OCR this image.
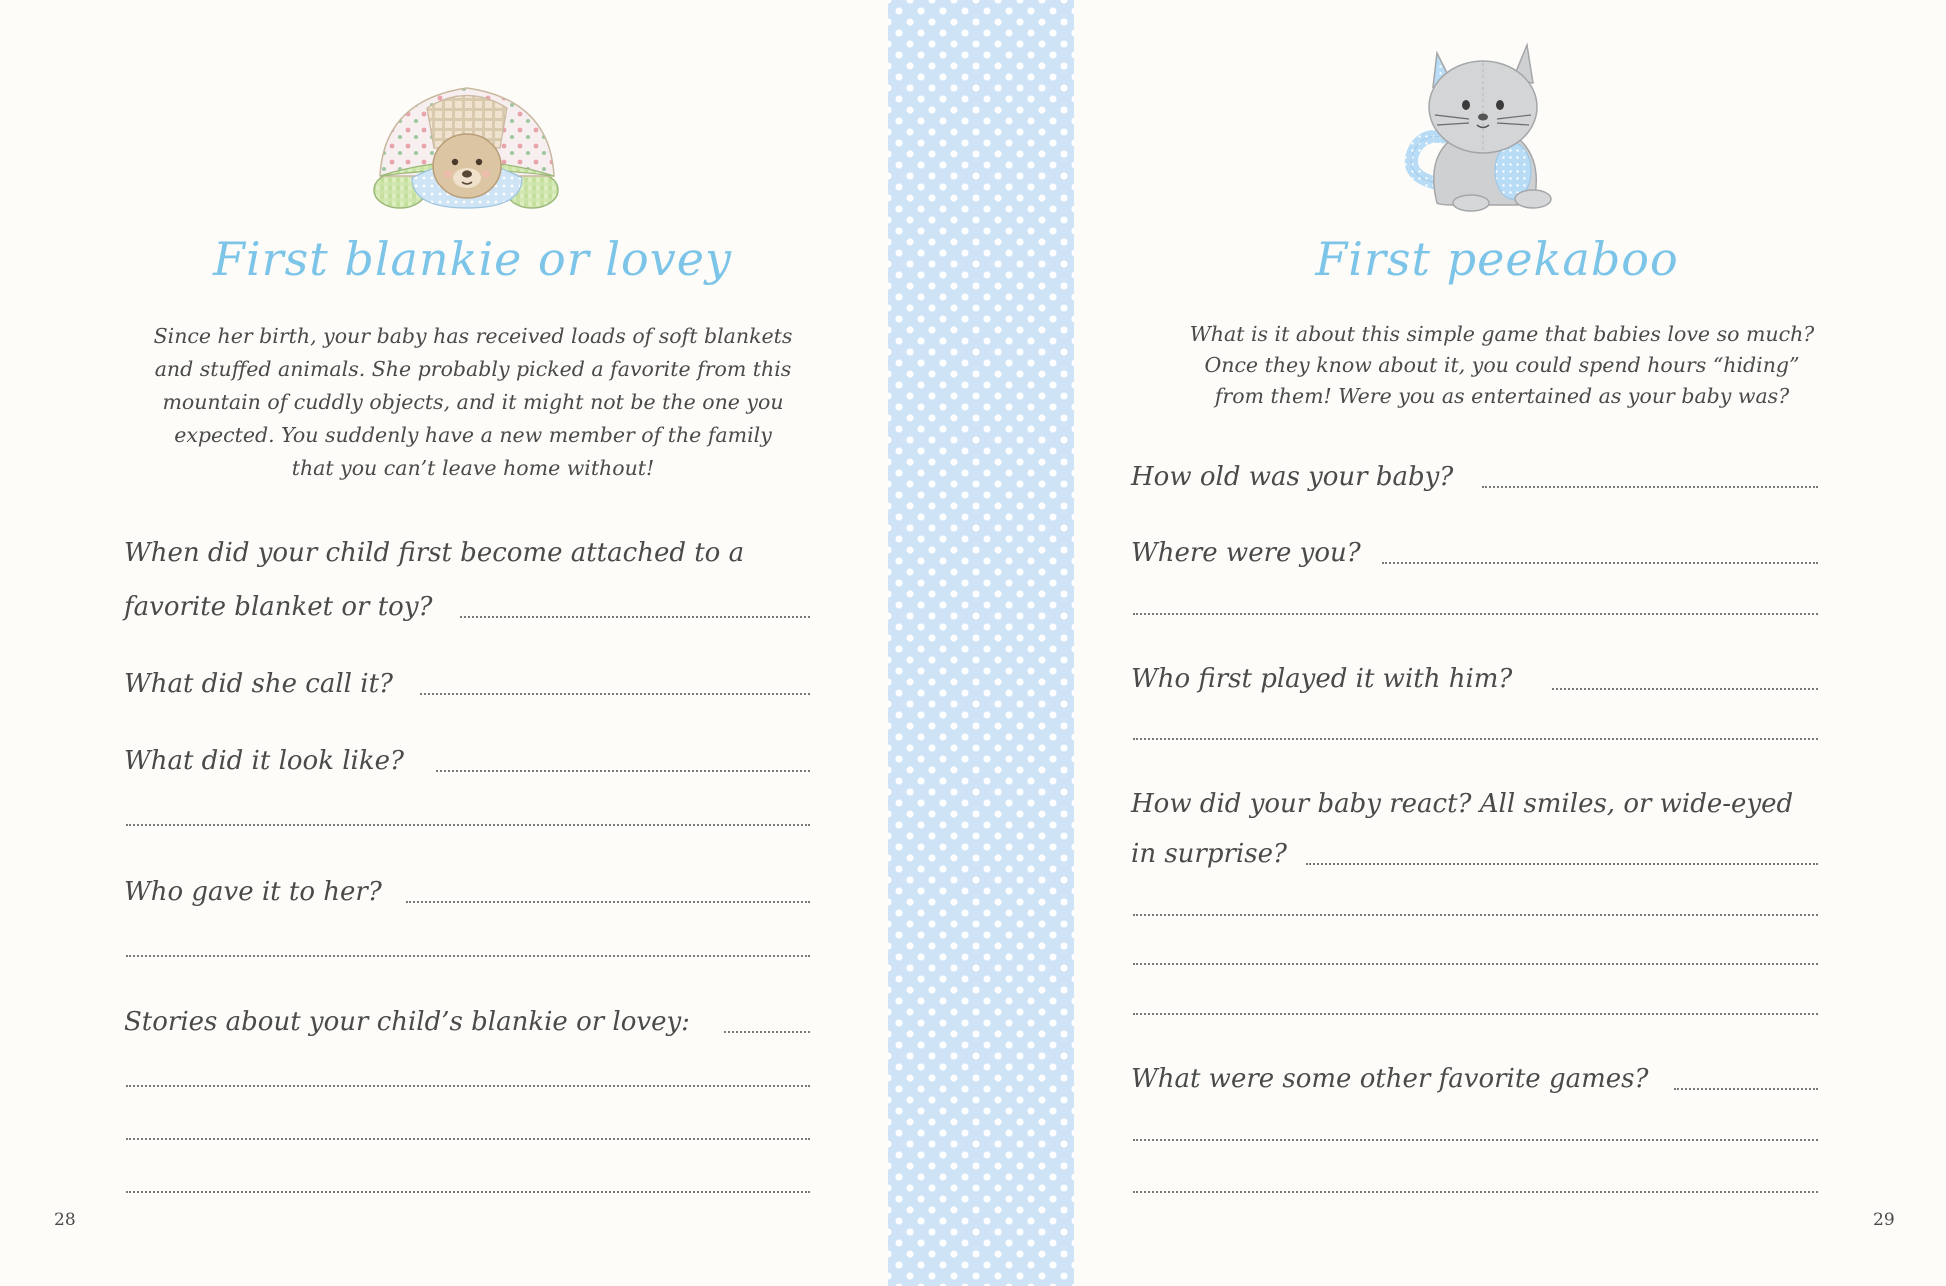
First blankie or lovey
Since her birth, your baby has received loads of soft blankets
and stuffed animals. She probably picked a favorite from this
mountain of cuddly objects, and it might not be the one you
expected. You suddenly have a new member of the family
that you can’t leave home without!
When did your child first become attached to a
favorite blanket or toy?
What did she call it?
What did it look like?
Who gave it to her?
Stories about your child’s blankie or lovey:
28
First peekaboo
What is it about this simple game that babies love so much?
Once they know about it, you could spend hours “hiding”
from them! Were you as entertained as your baby was?
How old was your baby?
Where were you?
Who first played it with him?
How did your baby react? All smiles, or wide-eyed
in surprise?
What were some other favorite games?
29
